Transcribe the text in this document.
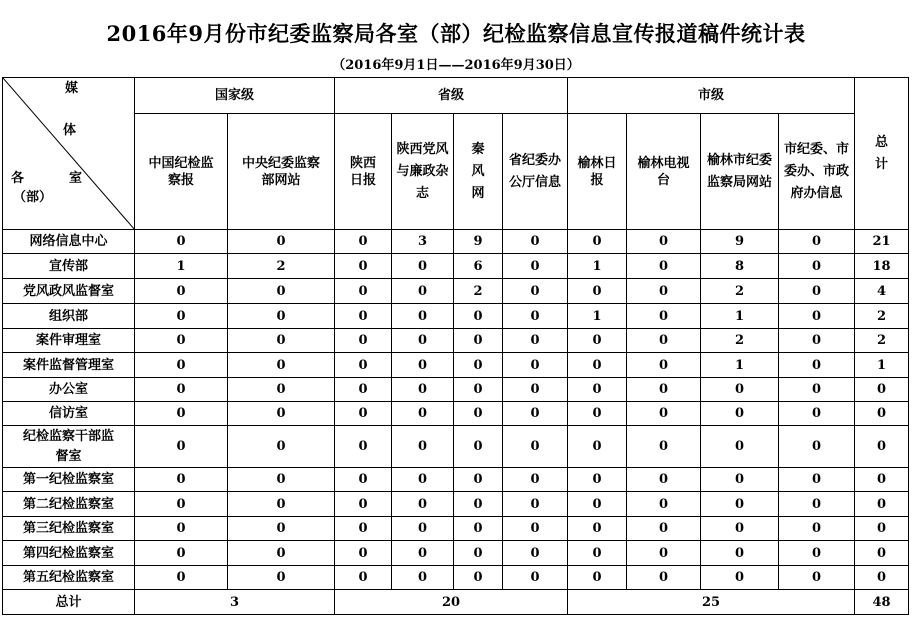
2016年9月份市纪委监察局各室（部）纪检监察信息宣传报道稿件统计表
（2016年9月1日——2016年9月30日）
媒
体
各 室
（部）	国家级		省级				市级				总计
	中国纪检监察报	中央纪委监察部网站	陕西日报	陕西党风与廉政杂志	秦风网	省纪委办公厅信息	榆林日报	榆林电视台	榆林市纪委监察局网站	市纪委、市委办、市政府办信息	
网络信息中心	0	0	0	3	9	0	0	0	9	0	21
宣传部	1	2	0	0	6	0	1	0	8	0	18
党风政风监督室	0	0	0	0	2	0	0	0	2	0	4
组织部	0	0	0	0	0	0	1	0	1	0	2
案件审理室	0	0	0	0	0	0	0	0	2	0	2
案件监督管理室	0	0	0	0	0	0	0	0	1	0	1
办公室	0	0	0	0	0	0	0	0	0	0	0
信访室	0	0	0	0	0	0	0	0	0	0	0
纪检监察干部监督室	0	0	0	0	0	0	0	0	0	0	0
第一纪检监察室	0	0	0	0	0	0	0	0	0	0	0
第二纪检监察室	0	0	0	0	0	0	0	0	0	0	0
第三纪检监察室	0	0	0	0	0	0	0	0	0	0	0
第四纪检监察室	0	0	0	0	0	0	0	0	0	0	0
第五纪检监察室	0	0	0	0	0	0	0	0	0	0	0
总计	3		20				25				48
